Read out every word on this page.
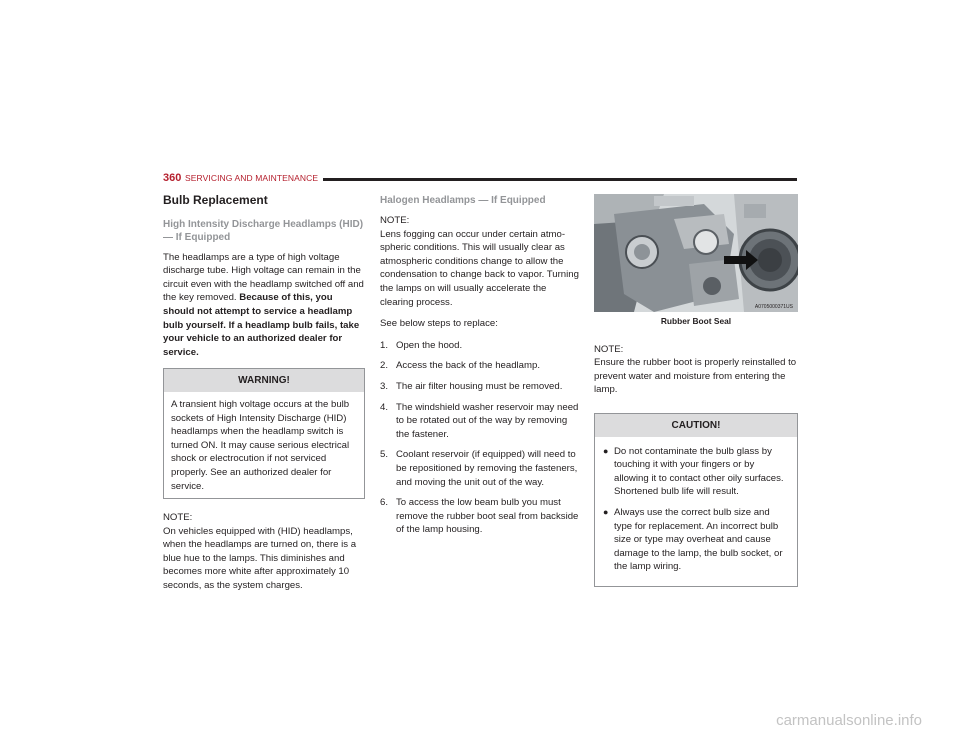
360 SERVICING AND MAINTENANCE
Bulb Replacement
High Intensity Discharge Headlamps (HID) — If Equipped

The headlamps are a type of high voltage discharge tube. High voltage can remain in the circuit even with the headlamp switched off and the key removed. Because of this, you should not attempt to service a headlamp bulb yourself. If a headlamp bulb fails, take your vehicle to an authorized dealer for service.

WARNING!
A transient high voltage occurs at the bulb sockets of High Intensity Discharge (HID) headlamps when the headlamp switch is turned ON. It may cause serious electrical shock or electrocution if not serviced properly. See an authorized dealer for service.

NOTE:
On vehicles equipped with (HID) headlamps, when the headlamps are turned on, there is a blue hue to the lamps. This diminishes and becomes more white after approximately 10 seconds, as the system charges.

Halogen Headlamps — If Equipped

NOTE:
Lens fogging can occur under certain atmospheric conditions. This will usually clear as atmospheric conditions change to allow the condensation to change back to vapor. Turning the lamps on will usually accelerate the clearing process.

See below steps to replace:

1. Open the hood.
2. Access the back of the headlamp.
3. The air filter housing must be removed.
4. The windshield washer reservoir may need to be rotated out of the way by removing the fastener.
5. Coolant reservoir (if equipped) will need to be repositioned by removing the fasteners, and moving the unit out of the way.
6. To access the low beam bulb you must remove the rubber boot seal from backside of the lamp housing.
A0705000371US
Rubber Boot Seal

NOTE:
Ensure the rubber boot is properly reinstalled to prevent water and moisture from entering the lamp.

CAUTION!
● Do not contaminate the bulb glass by touching it with your fingers or by allowing it to contact other oily surfaces. Shortened bulb life will result.
● Always use the correct bulb size and type for replacement. An incorrect bulb size or type may overheat and cause damage to the lamp, the bulb socket, or the lamp wiring.
carmanualsonline.info
